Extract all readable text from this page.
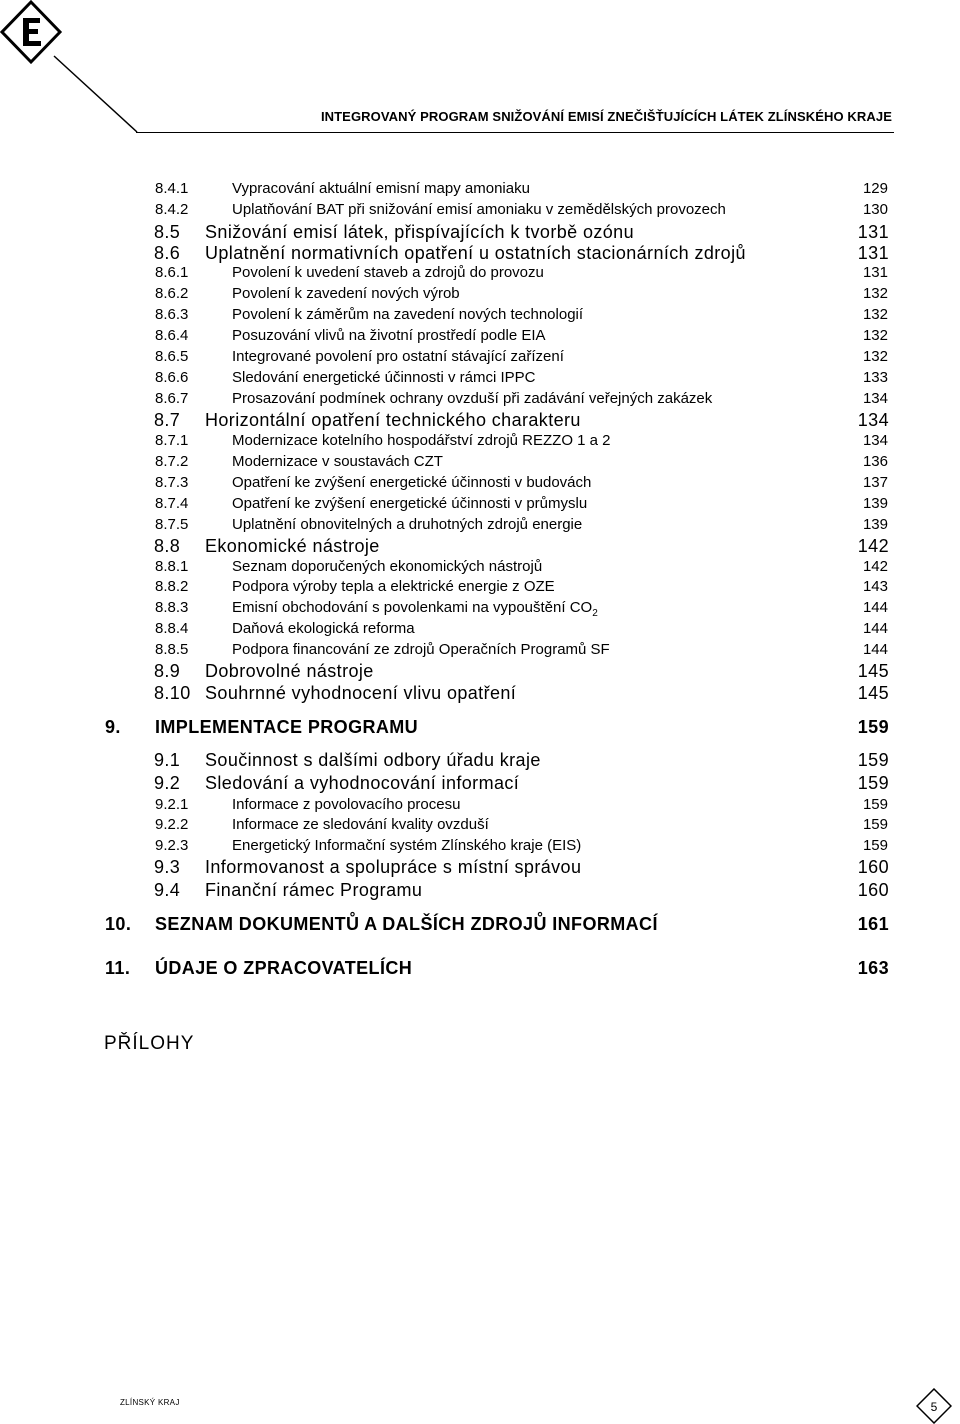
INTEGROVANÝ PROGRAM SNIŽOVÁNÍ EMISÍ ZNEČIŠŤUJÍCÍCH LÁTEK ZLÍNSKÉHO KRAJE
8.4.1	Vypracování aktuální emisní mapy amoniaku	129
8.4.2	Uplatňování BAT při snižování emisí amoniaku v zemědělských provozech	130
8.5 Snižování emisí látek, přispívajících k tvorbě ozónu	131
8.6 Uplatnění normativních opatření u ostatních stacionárních zdrojů	131
8.6.1	Povolení k uvedení staveb a zdrojů do provozu	131
8.6.2	Povolení k zavedení nových výrob	132
8.6.3	Povolení k záměrům na zavedení nových technologií	132
8.6.4	Posuzování vlivů na životní prostředí podle EIA	132
8.6.5	Integrované povolení pro ostatní stávající zařízení	132
8.6.6	Sledování energetické účinnosti v rámci IPPC	133
8.6.7	Prosazování podmínek ochrany ovzduší při zadávání veřejných zakázek	134
8.7 Horizontální opatření technického charakteru	134
8.7.1	Modernizace kotelního hospodářství zdrojů REZZO 1 a 2	134
8.7.2	Modernizace v soustavách CZT	136
8.7.3	Opatření ke zvýšení energetické účinnosti v budovách	137
8.7.4	Opatření ke zvýšení energetické účinnosti v průmyslu	139
8.7.5	Uplatnění obnovitelných a druhotných zdrojů energie	139
8.8 Ekonomické nástroje	142
8.8.1	Seznam doporučených ekonomických nástrojů	142
8.8.2	Podpora výroby tepla a elektrické energie z OZE	143
8.8.3	Emisní obchodování s povolenkami na vypouštění $CO_2$	144
8.8.4	Daňová ekologická reforma	144
8.8.5	Podpora financování ze zdrojů Operačních Programů SF	144
8.9 Dobrovolné nástroje	145
8.10 Souhrnné vyhodnocení vlivu opatření	145
9. IMPLEMENTACE PROGRAMU	159
9.1 Součinnost s dalšími odbory úřadu kraje	159
9.2 Sledování a vyhodnocování informací	159
9.2.1	Informace z povolovacího procesu	159
9.2.2	Informace ze sledování kvality ovzduší	159
9.2.3	Energetický Informační systém Zlínského kraje (EIS)	159
9.3 Informovanost a spolupráce s místní správou	160
9.4 Finanční rámec Programu	160
10. SEZNAM DOKUMENTŮ A DALŠÍCH ZDROJŮ INFORMACÍ	161
11. ÚDAJE O ZPRACOVATELÍCH	163
PŘÍLOHY
ZLÍNSKÝ KRAJ	5
